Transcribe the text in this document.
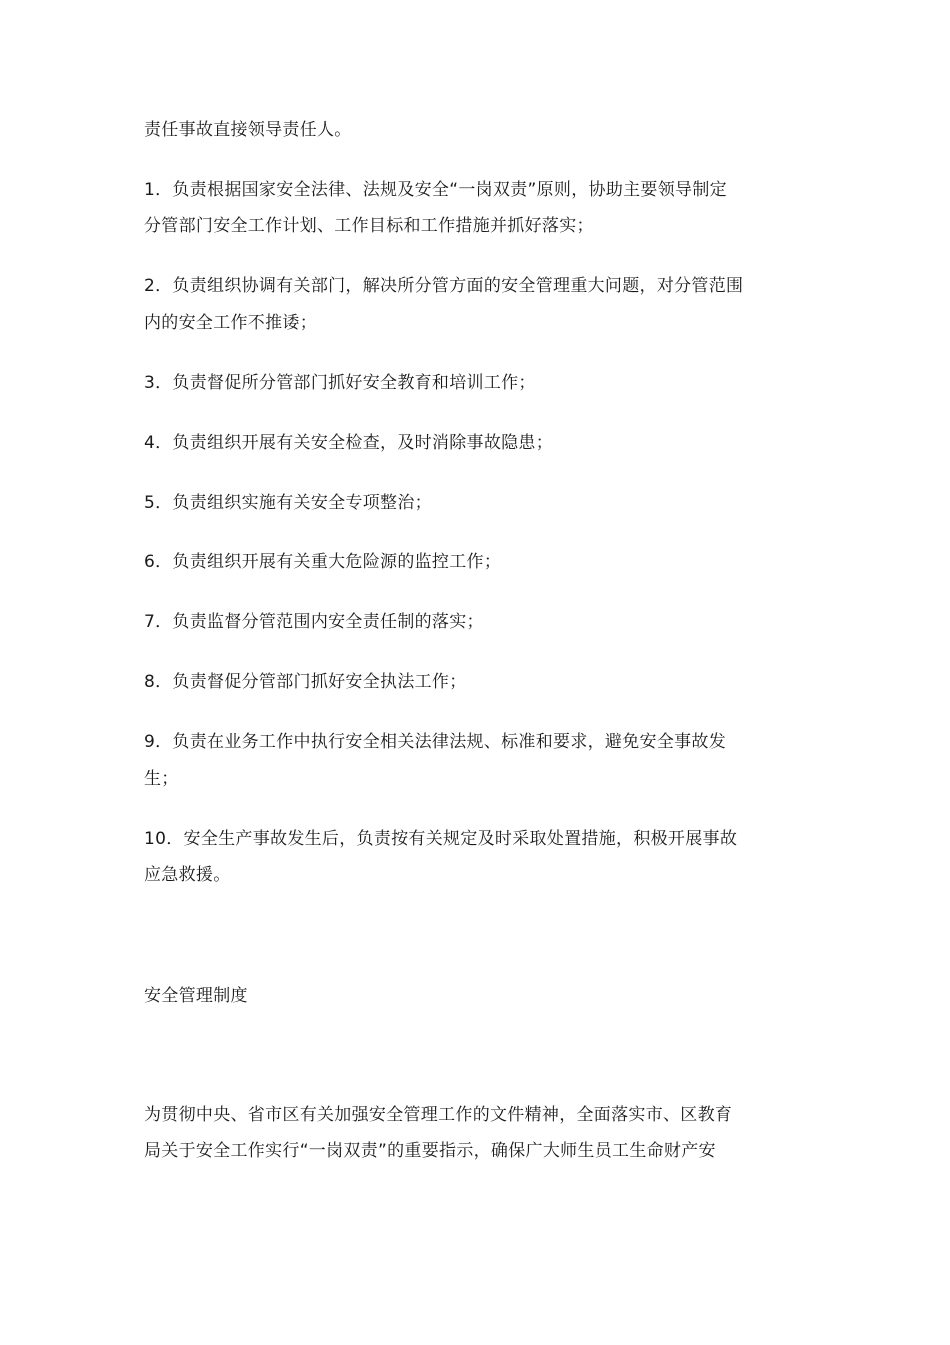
责任事故直接领导责任人。
1．负责根据国家安全法律、法规及安全“一岗双责”原则，协助主要领导制定
分管部门安全工作计划、工作目标和工作措施并抓好落实；
2．负责组织协调有关部门，解决所分管方面的安全管理重大问题，对分管范围
内的安全工作不推诿；
3．负责督促所分管部门抓好安全教育和培训工作；
4．负责组织开展有关安全检查，及时消除事故隐患；
5．负责组织实施有关安全专项整治；
6．负责组织开展有关重大危险源的监控工作；
7．负责监督分管范围内安全责任制的落实；
8．负责督促分管部门抓好安全执法工作；
9．负责在业务工作中执行安全相关法律法规、标准和要求，避免安全事故发
生；
10．安全生产事故发生后，负责按有关规定及时采取处置措施，积极开展事故
应急救援。
安全管理制度
为贯彻中央、省市区有关加强安全管理工作的文件精神，全面落实市、区教育
局关于安全工作实行“一岗双责”的重要指示，确保广大师生员工生命财产安
